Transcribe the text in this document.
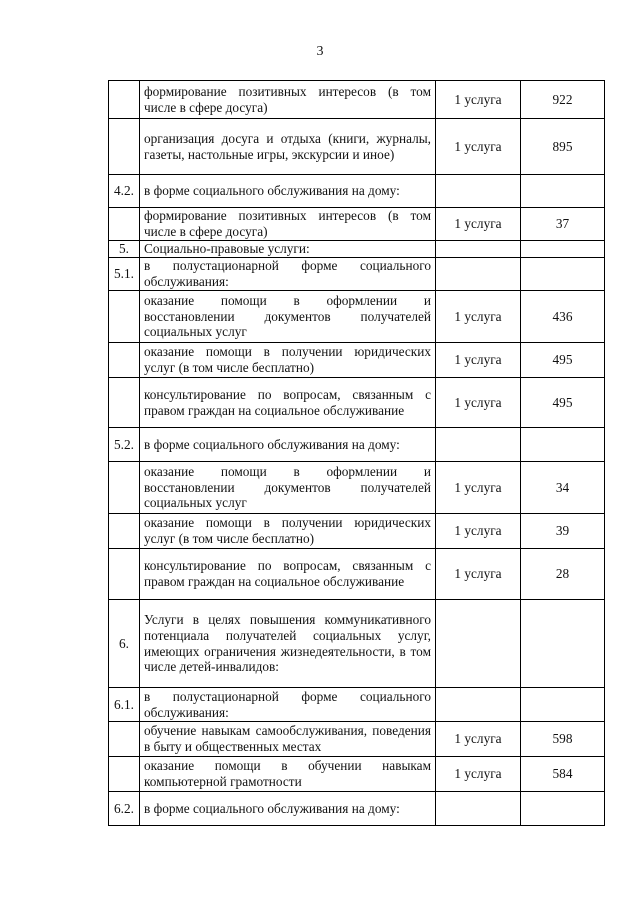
3
	формирование позитивных интересов (в том числе в сфере досуга)	1 услуга	922
	организация досуга и отдыха (книги, журналы, газеты, настольные игры, экскурсии и иное)	1 услуга	895
4.2.	в форме социального обслуживания на дому:		
	формирование позитивных интересов (в том числе в сфере досуга)	1 услуга	37
5.	Социально-правовые услуги:		
5.1.	в полустационарной форме социального обслуживания:		
	оказание помощи в оформлении и восстановлении документов получателей социальных услуг	1 услуга	436
	оказание помощи в получении юридических услуг (в том числе бесплатно)	1 услуга	495
	консультирование по вопросам, связанным с правом граждан на социальное обслуживание	1 услуга	495
5.2.	в форме социального обслуживания на дому:		
	оказание помощи в оформлении и восстановлении документов получателей социальных услуг	1 услуга	34
	оказание помощи в получении юридических услуг (в том числе бесплатно)	1 услуга	39
	консультирование по вопросам, связанным с правом граждан на социальное обслуживание	1 услуга	28
6.	Услуги в целях повышения коммуникативного потенциала получателей социальных услуг, имеющих ограничения жизнедеятельности, в том числе детей-инвалидов:		
6.1.	в полустационарной форме социального обслуживания:		
	обучение навыкам самообслуживания, поведения в быту и общественных местах	1 услуга	598
	оказание помощи в обучении навыкам компьютерной грамотности	1 услуга	584
6.2.	в форме социального обслуживания на дому:		
